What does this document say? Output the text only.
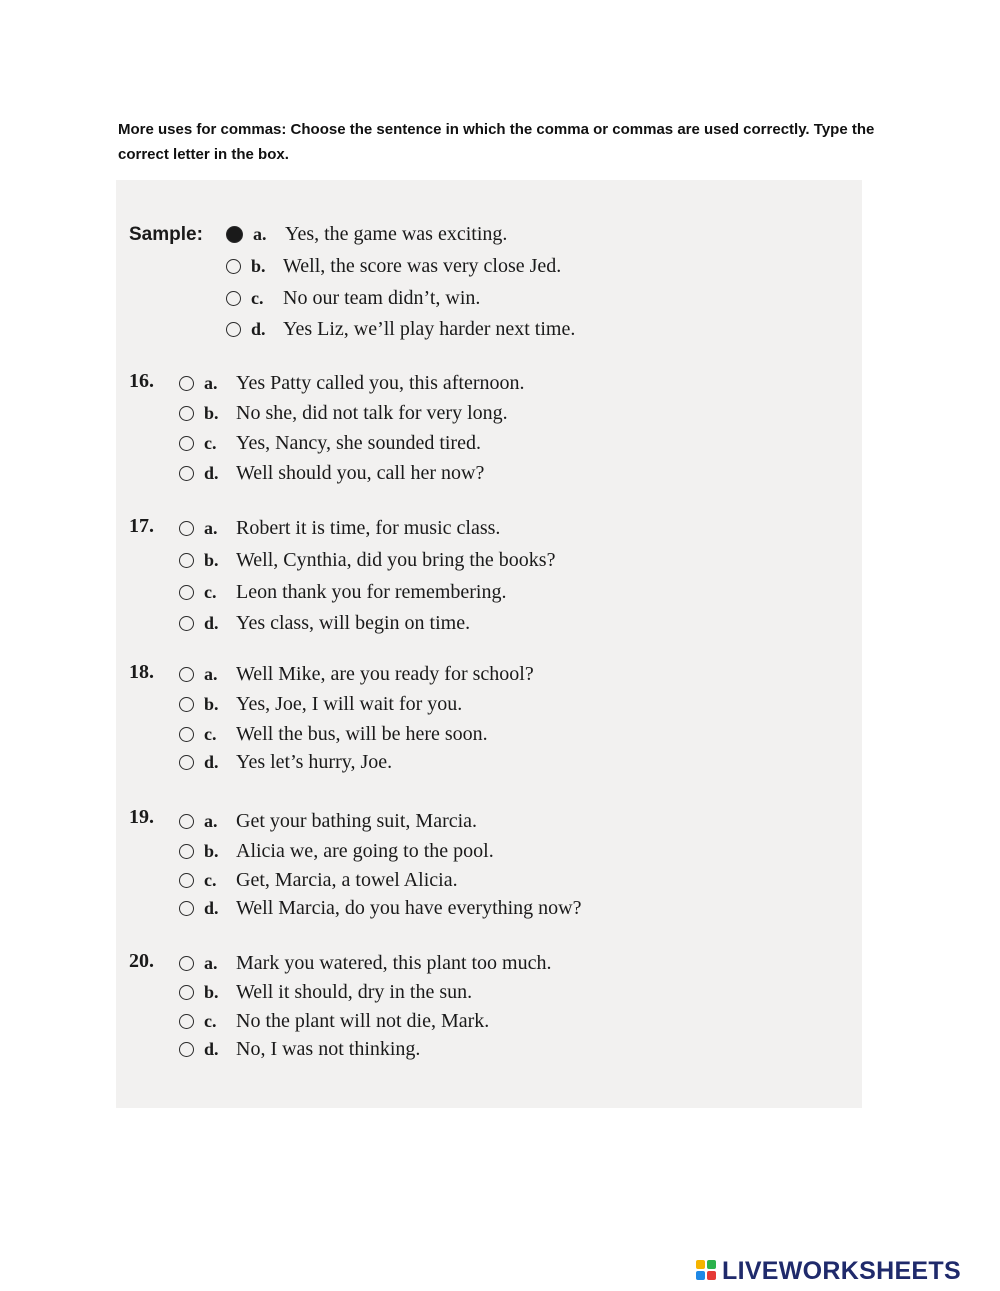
More uses for commas: Choose the sentence in which the comma or commas are used correctly. Type the correct letter in the box.
Sample:	a. Yes, the game was exciting.
b. Well, the score was very close Jed.
c. No our team didn’t, win.
d. Yes Liz, we’ll play harder next time.
16.	a. Yes Patty called you, this afternoon.
b. No she, did not talk for very long.
c. Yes, Nancy, she sounded tired.
d. Well should you, call her now?
17.	a. Robert it is time, for music class.
b. Well, Cynthia, did you bring the books?
c. Leon thank you for remembering.
d. Yes class, will begin on time.
18.	a. Well Mike, are you ready for school?
b. Yes, Joe, I will wait for you.
c. Well the bus, will be here soon.
d. Yes let’s hurry, Joe.
19.	a. Get your bathing suit, Marcia.
b. Alicia we, are going to the pool.
c. Get, Marcia, a towel Alicia.
d. Well Marcia, do you have everything now?
20.	a. Mark you watered, this plant too much.
b. Well it should, dry in the sun.
c. No the plant will not die, Mark.
d. No, I was not thinking.
LIVEWORKSHEETS
